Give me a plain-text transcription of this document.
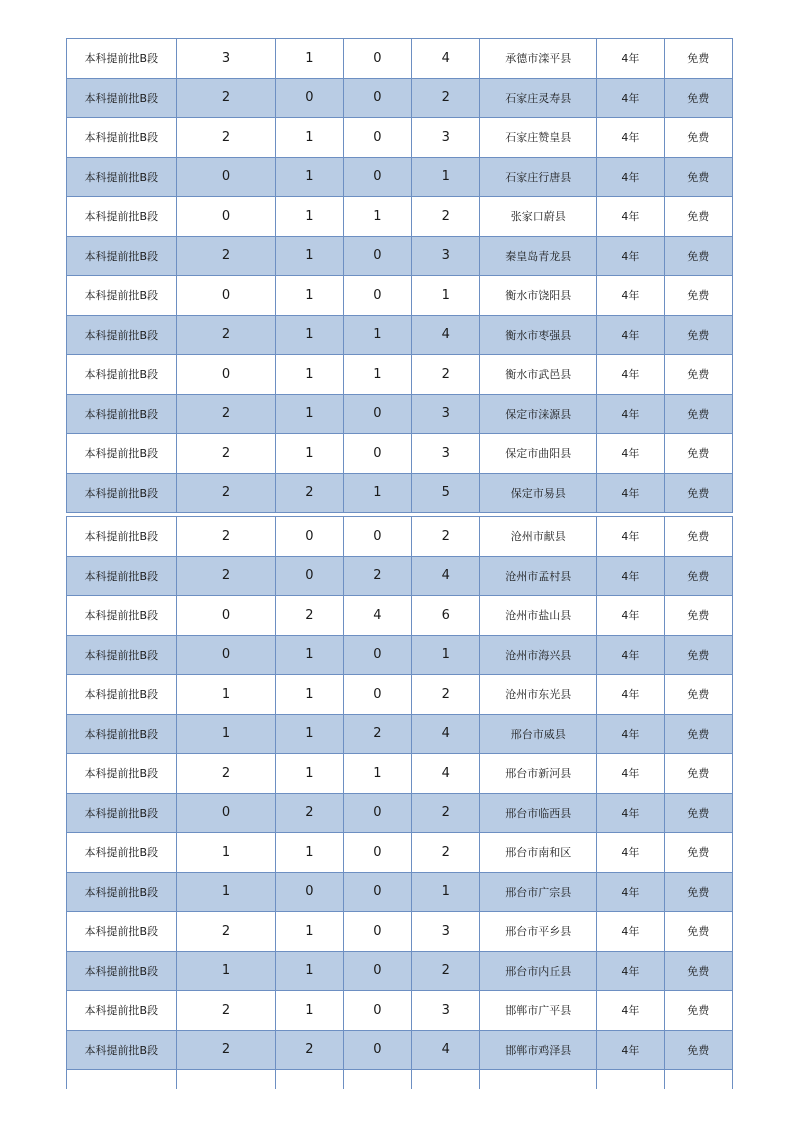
本科提前批B段	3	1	0	4	承德市滦平县	4年	免费
本科提前批B段	2	0	0	2	石家庄灵寿县	4年	免费
本科提前批B段	2	1	0	3	石家庄赞皇县	4年	免费
本科提前批B段	0	1	0	1	石家庄行唐县	4年	免费
本科提前批B段	0	1	1	2	张家口蔚县	4年	免费
本科提前批B段	2	1	0	3	秦皇岛青龙县	4年	免费
本科提前批B段	0	1	0	1	衡水市饶阳县	4年	免费
本科提前批B段	2	1	1	4	衡水市枣强县	4年	免费
本科提前批B段	0	1	1	2	衡水市武邑县	4年	免费
本科提前批B段	2	1	0	3	保定市涞源县	4年	免费
本科提前批B段	2	1	0	3	保定市曲阳县	4年	免费
本科提前批B段	2	2	1	5	保定市易县	4年	免费
本科提前批B段	2	0	0	2	沧州市献县	4年	免费
本科提前批B段	2	0	2	4	沧州市孟村县	4年	免费
本科提前批B段	0	2	4	6	沧州市盐山县	4年	免费
本科提前批B段	0	1	0	1	沧州市海兴县	4年	免费
本科提前批B段	1	1	0	2	沧州市东光县	4年	免费
本科提前批B段	1	1	2	4	邢台市威县	4年	免费
本科提前批B段	2	1	1	4	邢台市新河县	4年	免费
本科提前批B段	0	2	0	2	邢台市临西县	4年	免费
本科提前批B段	1	1	0	2	邢台市南和区	4年	免费
本科提前批B段	1	0	0	1	邢台市广宗县	4年	免费
本科提前批B段	2	1	0	3	邢台市平乡县	4年	免费
本科提前批B段	1	1	0	2	邢台市内丘县	4年	免费
本科提前批B段	2	1	0	3	邯郸市广平县	4年	免费
本科提前批B段	2	2	0	4	邯郸市鸡泽县	4年	免费
